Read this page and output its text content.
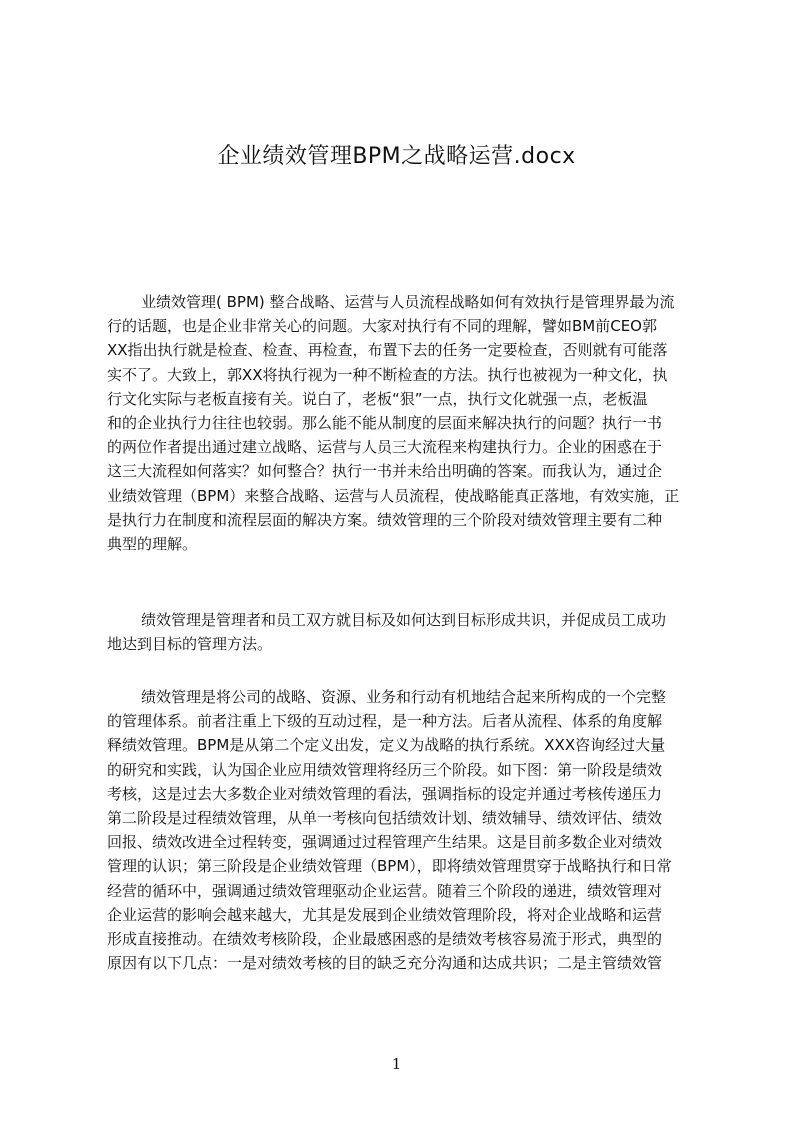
企业绩效管理BPM之战略运营.docx
业绩效管理( BPM) 整合战略、运营与人员流程战略如何有效执行是管理界最为流
行的话题，也是企业非常关心的问题。大家对执行有不同的理解，譬如BM前CEO郭
XX指出执行就是检查、检查、再检查，布置下去的任务一定要检查，否则就有可能落
实不了。大致上，郭XX将执行视为一种不断检查的方法。执行也被视为一种文化，执
行文化实际与老板直接有关。说白了，老板“狠”一点，执行文化就强一点，老板温
和的企业执行力往往也较弱。那么能不能从制度的层面来解决执行的问题？执行一书
的两位作者提出通过建立战略、运营与人员三大流程来构建执行力。企业的困惑在于
这三大流程如何落实？如何整合？执行一书并未给出明确的答案。而我认为，通过企
业绩效管理（BPM）来整合战略、运营与人员流程，使战略能真正落地，有效实施，正
是执行力在制度和流程层面的解决方案。绩效管理的三个阶段对绩效管理主要有二种
典型的理解。
绩效管理是管理者和员工双方就目标及如何达到目标形成共识，并促成员工成功
地达到目标的管理方法。
绩效管理是将公司的战略、资源、业务和行动有机地结合起来所构成的一个完整
的管理体系。前者注重上下级的互动过程，是一种方法。后者从流程、体系的角度解
释绩效管理。BPM是从第二个定义出发，定义为战略的执行系统。XXX咨询经过大量
的研究和实践，认为国企业应用绩效管理将经历三个阶段。如下图：第一阶段是绩效
考核，这是过去大多数企业对绩效管理的看法，强调指标的设定并通过考核传递压力
第二阶段是过程绩效管理，从单一考核向包括绩效计划、绩效辅导、绩效评估、绩效
回报、绩效改进全过程转变，强调通过过程管理产生结果。这是目前多数企业对绩效
管理的认识；第三阶段是企业绩效管理（BPM），即将绩效管理贯穿于战略执行和日常
经营的循环中，强调通过绩效管理驱动企业运营。随着三个阶段的递进，绩效管理对
企业运营的影响会越来越大，尤其是发展到企业绩效管理阶段，将对企业战略和运营
形成直接推动。在绩效考核阶段，企业最感困惑的是绩效考核容易流于形式，典型的
原因有以下几点：一是对绩效考核的目的缺乏充分沟通和达成共识；二是主管绩效管
1
